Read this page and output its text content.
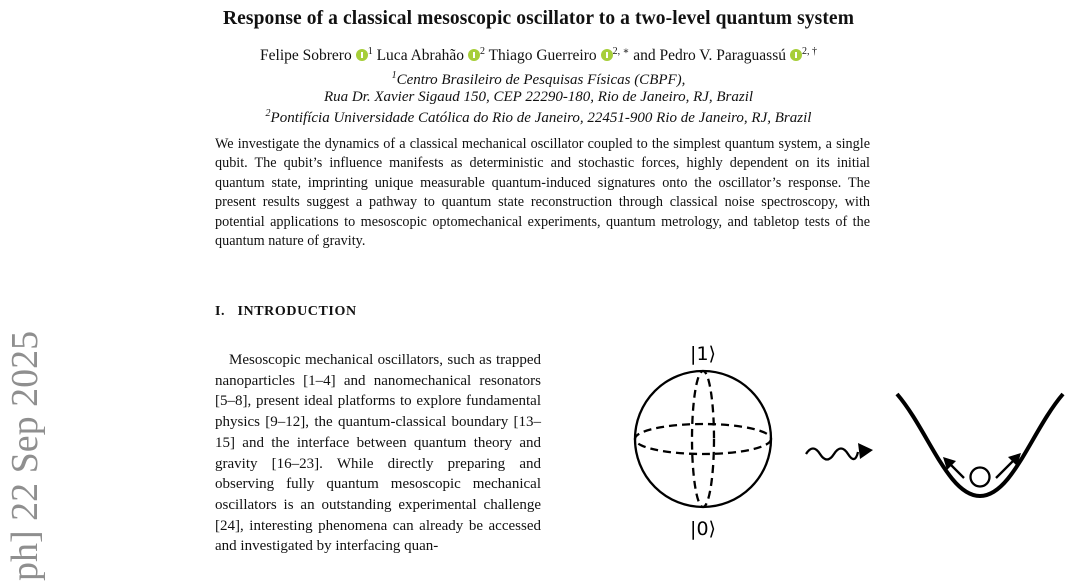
Response of a classical mesoscopic oscillator to a two-level quantum system
Felipe Sobrero $^1$ Luca Abrahão $^2$ Thiago Guerreiro $^{2, ∗}$ and Pedro V. Paraguassú $^{2, \dagger}$
$^1$Centro Brasileiro de Pesquisas Físicas (CBPF),
Rua Dr. Xavier Sigaud 150, CEP 22290-180, Rio de Janeiro, RJ, Brazil
$^2$Pontifícia Universidade Católica do Rio de Janeiro, 22451-900 Rio de Janeiro, RJ, Brazil
We investigate the dynamics of a classical mechanical oscillator coupled to the simplest quantum system, a single qubit. The qubit’s influence manifests as deterministic and stochastic forces, highly dependent on its initial quantum state, imprinting unique measurable quantum-induced signatures onto the oscillator’s response. The present results suggest a pathway to quantum state reconstruction through classical noise spectroscopy, with potential applications to mesoscopic optomechanical experiments, quantum metrology, and tabletop tests of the quantum nature of gravity.
ph] 22 Sep 2025
I. INTRODUCTION
Mesoscopic mechanical oscillators, such as trapped nanoparticles [1–4] and nanomechanical resonators [5–8], present ideal platforms to explore fundamental physics [9–12], the quantum-classical boundary [13–15] and the interface between quantum theory and gravity [16–23]. While directly preparing and observing fully quantum mesoscopic mechanical oscillators is an outstanding experimental challenge [24], interesting phenomena can already be accessed and investigated by interfacing quan-
|1⟩
|0⟩
